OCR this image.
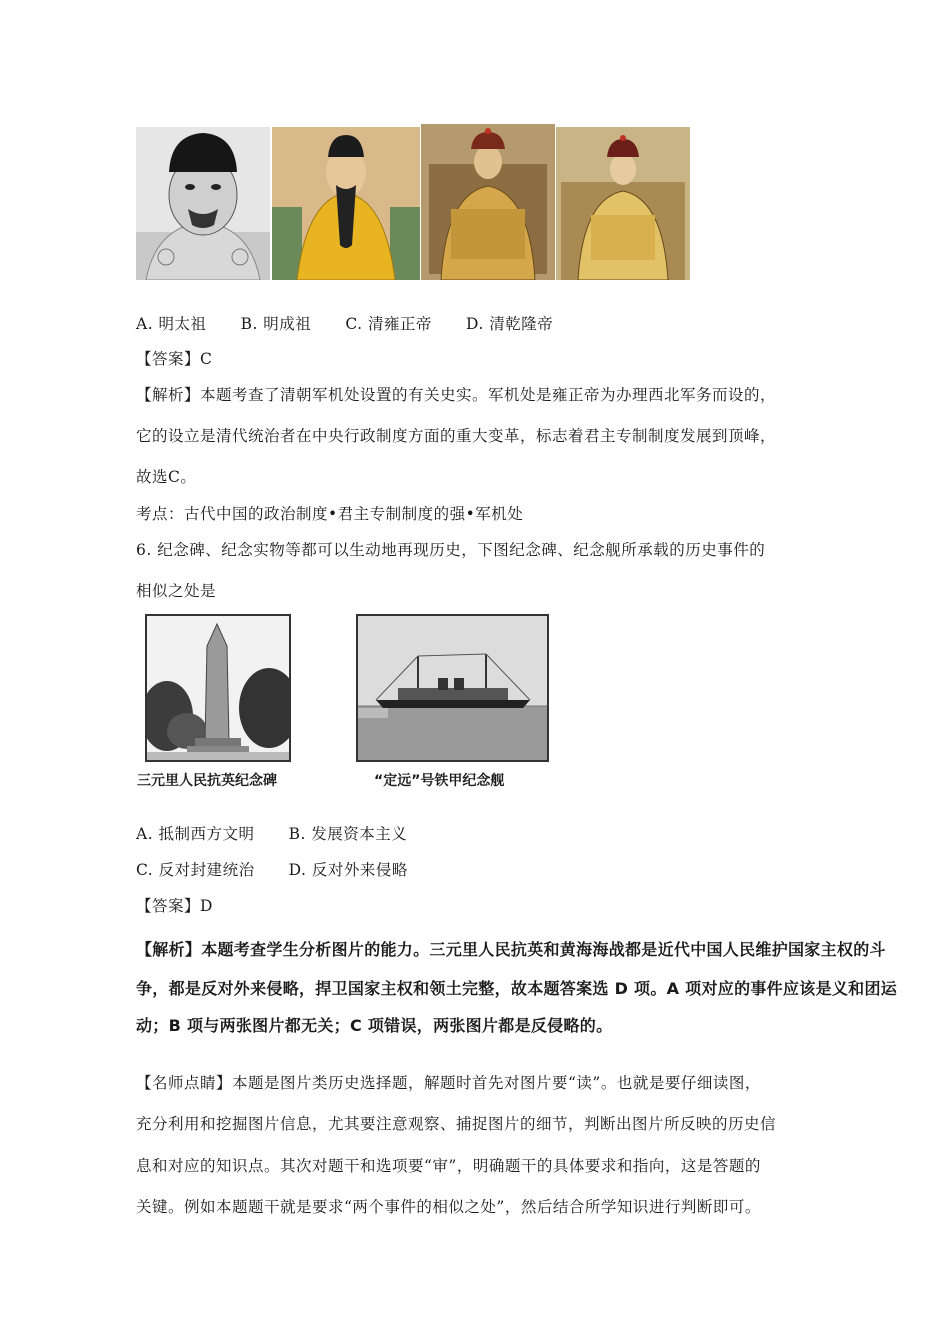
A. 明太祖 B. 明成祖 C. 清雍正帝 D. 清乾隆帝
【答案】C
【解析】本题考查了清朝军机处设置的有关史实。军机处是雍正帝为办理西北军务而设的，
它的设立是清代统治者在中央行政制度方面的重大变革，标志着君主专制制度发展到顶峰，
故选C。
考点：古代中国的政治制度•君主专制制度的强•军机处
6. 纪念碑、纪念实物等都可以生动地再现历史，下图纪念碑、纪念舰所承载的历史事件的
相似之处是
三元里人民抗英纪念碑	“定远”号铁甲纪念舰
A. 抵制西方文明 B. 发展资本主义
C. 反对封建统治 D. 反对外来侵略
【答案】D
【解析】本题考查学生分析图片的能力。三元里人民抗英和黄海海战都是近代中国人民维护国家主权的斗
争，都是反对外来侵略，捍卫国家主权和领土完整，故本题答案选 D 项。A 项对应的事件应该是义和团运
动；B 项与两张图片都无关；C 项错误，两张图片都是反侵略的。
【名师点睛】本题是图片类历史选择题，解题时首先对图片要“读”。也就是要仔细读图，
充分利用和挖掘图片信息，尤其要注意观察、捕捉图片的细节，判断出图片所反映的历史信
息和对应的知识点。其次对题干和选项要“审”，明确题干的具体要求和指向，这是答题的
关键。例如本题题干就是要求“两个事件的相似之处”，然后结合所学知识进行判断即可。
